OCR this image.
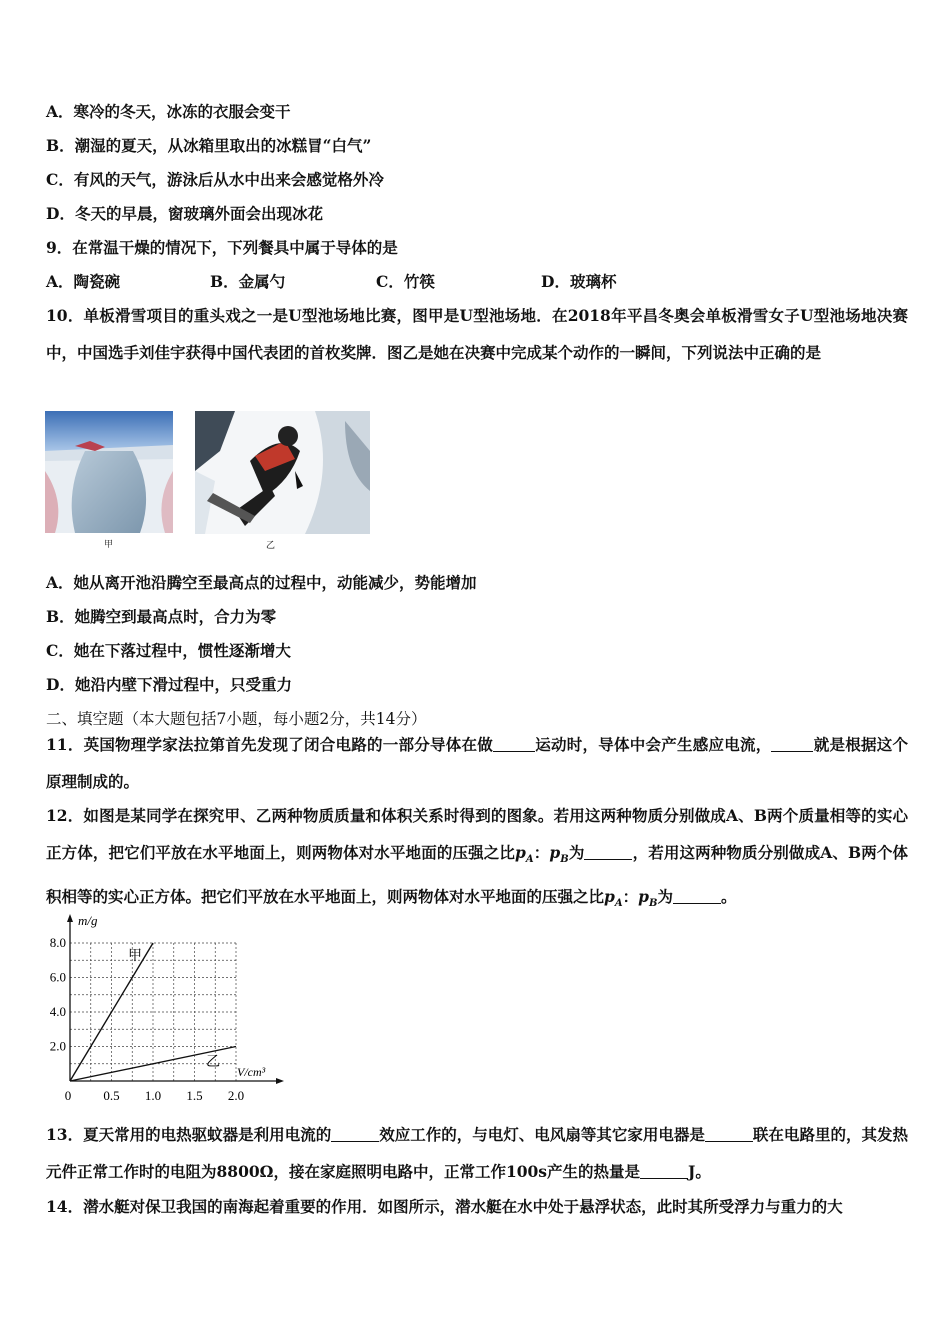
A．寒冷的冬天，冰冻的衣服会变干
B．潮湿的夏天，从冰箱里取出的冰糕冒“白气”
C．有风的天气，游泳后从水中出来会感觉格外冷
D．冬天的早晨，窗玻璃外面会出现冰花
9．在常温干燥的情况下，下列餐具中属于导体的是
A．陶瓷碗	B．金属勺	C．竹筷	D．玻璃杯
10．单板滑雪项目的重头戏之一是U型池场地比赛，图甲是U型池场地．在2018年平昌冬奥会单板滑雪女子U型池场地决赛中，中国选手刘佳宇获得中国代表团的首枚奖牌．图乙是她在决赛中完成某个动作的一瞬间，下列说法中正确的是
甲	乙
A．她从离开池沿腾空至最高点的过程中，动能减少，势能增加
B．她腾空到最高点时，合力为零
C．她在下落过程中，惯性逐渐增大
D．她沿内壁下滑过程中，只受重力
二、填空题（本大题包括7小题，每小题2分，共14分）
11．英国物理学家法拉第首先发现了闭合电路的一部分导体在做	运动时，导体中会产生感应电流，	就是根据这个原理制成的。
12．如图是某同学在探究甲、乙两种物质质量和体积关系时得到的图象。若用这两种物质分别做成A、B两个质量相等的实心正方体，把它们平放在水平地面上，则两物体对水平地面的压强之比$p_A$：$p_B$为	，若用这两种物质分别做成A、B两个体积相等的实心正方体。把它们平放在水平地面上，则两物体对水平地面的压强之比$p_A$：$p_B$为	。
8.0
6.0
4.0
2.0
0 0.5 1.0 1.5 2.0
m/g
V/cm³
甲
乙
13．夏天常用的电热驱蚊器是利用电流的	效应工作的，与电灯、电风扇等其它家用电器是	联在电路里的，其发热元件正常工作时的电阻为8800Ω，接在家庭照明电路中，正常工作100s产生的热量是	J。
14．潜水艇对保卫我国的南海起着重要的作用．如图所示，潜水艇在水中处于悬浮状态，此时其所受浮力与重力的大
